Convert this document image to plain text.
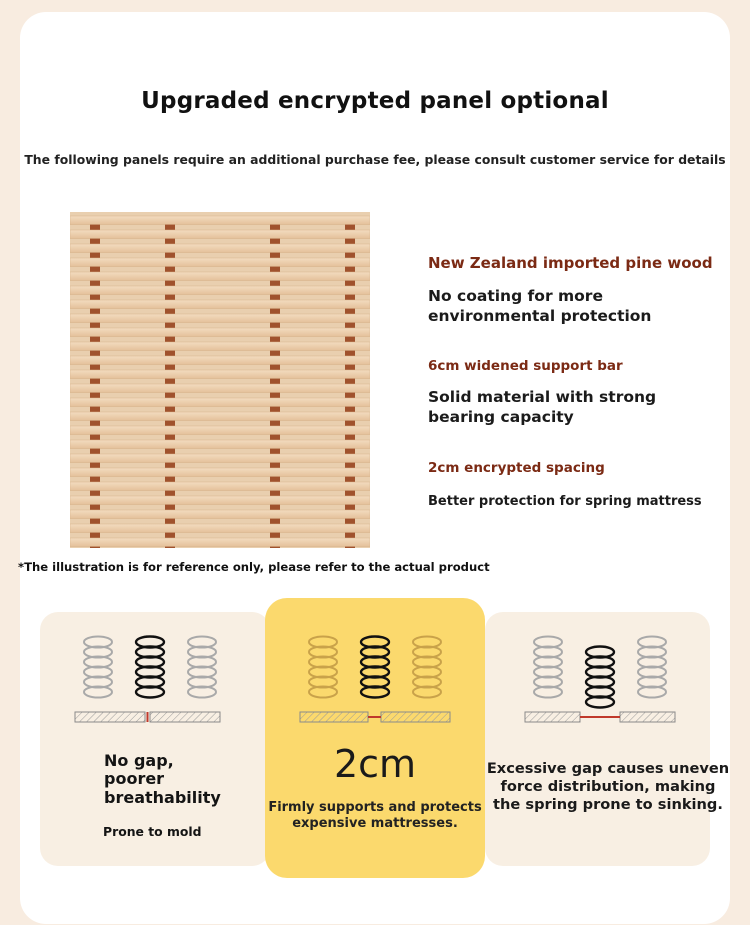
Upgraded encrypted panel optional
The following panels require an additional purchase fee, please consult customer service for details
New Zealand imported pine wood
No coating for more environmental protection
6cm widened support bar
Solid material with strong bearing capacity
2cm encrypted spacing
Better protection for spring mattress
*The illustration is for reference only, please refer to the actual product
No gap, poorer breathability
Prone to mold
2cm
Firmly supports and protects expensive mattresses.
Excessive gap causes uneven force distribution, making the spring prone to sinking.
